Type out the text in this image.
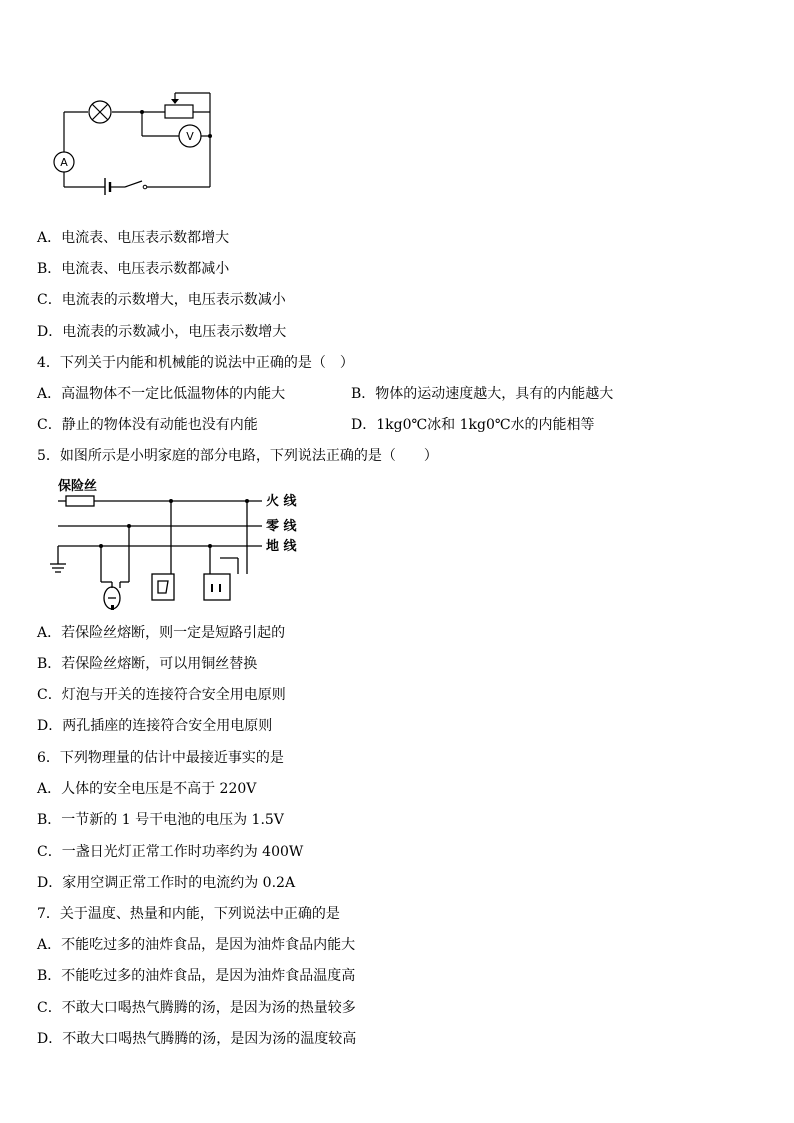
A
V
A．电流表、电压表示数都增大
B．电流表、电压表示数都减小
C．电流表的示数增大，电压表示数减小
D．电流表的示数减小，电压表示数增大
4．下列关于内能和机械能的说法中正确的是（　）
A．高温物体不一定比低温物体的内能大	B．物体的运动速度越大，具有的内能越大
C．静止的物体没有动能也没有内能	D．1kg0℃冰和 1kg0℃水的内能相等
5．如图所示是小明家庭的部分电路，下列说法正确的是（　　）
保险丝
火 线
零 线
地 线
A．若保险丝熔断，则一定是短路引起的
B．若保险丝熔断，可以用铜丝替换
C．灯泡与开关的连接符合安全用电原则
D．两孔插座的连接符合安全用电原则
6．下列物理量的估计中最接近事实的是
A．人体的安全电压是不高于 220V
B．一节新的 1 号干电池的电压为 1.5V
C．一盏日光灯正常工作时功率约为 400W
D．家用空调正常工作时的电流约为 0.2A
7．关于温度、热量和内能，下列说法中正确的是
A．不能吃过多的油炸食品，是因为油炸食品内能大
B．不能吃过多的油炸食品，是因为油炸食品温度高
C．不敢大口喝热气腾腾的汤，是因为汤的热量较多
D．不敢大口喝热气腾腾的汤，是因为汤的温度较高
